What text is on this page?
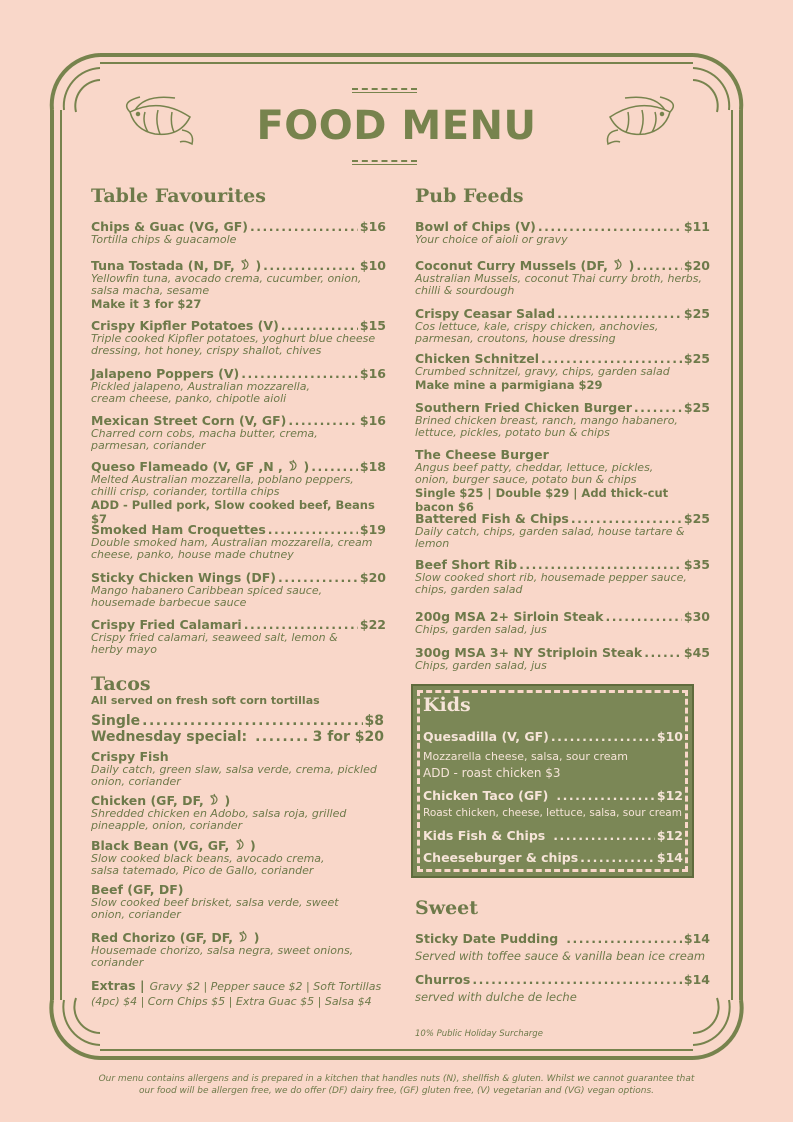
FOOD MENU
Table Favourites
Chips & Guac (VG, GF) .....	$16
Tortilla chips & guacamole
Tuna Tostada (N, DF, ) .....	$10
Yellowfin tuna, avocado crema, cucumber, onion,
salsa macha, sesame
Make it 3 for $27
Crispy Kipfler Potatoes (V) .....	$15
Triple cooked Kipfler potatoes, yoghurt blue cheese
dressing, hot honey, crispy shallot, chives
Jalapeno Poppers (V) .....	$16
Pickled jalapeno, Australian mozzarella,
cream cheese, panko, chipotle aioli
Mexican Street Corn (V, GF) .....	$16
Charred corn cobs, macha butter, crema,
parmesan, coriander
Queso Flameado (V, GF ,N , ) .....	$18
Melted Australian mozzarella, poblano peppers,
chilli crisp, coriander, tortilla chips
ADD - Pulled pork, Slow cooked beef, Beans $7
Smoked Ham Croquettes .....	$19
Double smoked ham, Australian mozzarella, cream
cheese, panko, house made chutney
Sticky Chicken Wings (DF) .....	$20
Mango habanero Caribbean spiced sauce,
housemade barbecue sauce
Crispy Fried Calamari .....	$22
Crispy fried calamari, seaweed salt, lemon &
herby mayo
Tacos
All served on fresh soft corn tortillas
Single .....	$8
Wednesday special: .....	3 for $20
Crispy Fish
Daily catch, green slaw, salsa verde, crema, pickled
onion, coriander
Chicken (GF, DF, )
Shredded chicken en Adobo, salsa roja, grilled
pineapple, onion, coriander
Black Bean (VG, GF, )
Slow cooked black beans, avocado crema,
salsa tatemado, Pico de Gallo, coriander
Beef (GF, DF)
Slow cooked beef brisket, salsa verde, sweet
onion, coriander
Red Chorizo (GF, DF, )
Housemade chorizo, salsa negra, sweet onions,
coriander
Extras | Gravy $2 | Pepper sauce $2 | Soft Tortillas
(4pc) $4 | Corn Chips $5 | Extra Guac $5 | Salsa $4
Pub Feeds
Bowl of Chips (V) .....	$11
Your choice of aioli or gravy
Coconut Curry Mussels (DF, ) .....	$20
Australian Mussels, coconut Thai curry broth, herbs,
chilli & sourdough
Crispy Ceasar Salad .....	$25
Cos lettuce, kale, crispy chicken, anchovies,
parmesan, croutons, house dressing
Chicken Schnitzel .....	$25
Crumbed schnitzel, gravy, chips, garden salad
Make mine a parmigiana $29
Southern Fried Chicken Burger .....	$25
Brined chicken breast, ranch, mango habanero,
lettuce, pickles, potato bun & chips
The Cheese Burger
Angus beef patty, cheddar, lettuce, pickles,
onion, burger sauce, potato bun & chips
Single $25 | Double $29 | Add thick-cut bacon $6
Battered Fish & Chips .....	$25
Daily catch, chips, garden salad, house tartare &
lemon
Beef Short Rib .....	$35
Slow cooked short rib, housemade pepper sauce,
chips, garden salad
200g MSA 2+ Sirloin Steak .....	$30
Chips, garden salad, jus
300g MSA 3+ NY Striploin Steak .....	$45
Chips, garden salad, jus
Kids
Quesadilla (V, GF) .....	$10
Mozzarella cheese, salsa, sour cream
ADD - roast chicken $3
Chicken Taco (GF) .....	$12
Roast chicken, cheese, lettuce, salsa, sour cream
Kids Fish & Chips .....	$12
Cheeseburger & chips .....	$14
Sweet
Sticky Date Pudding .....	$14
Served with toffee sauce & vanilla bean ice cream
Churros .....	$14
served with dulche de leche
10% Public Holiday Surcharge
Our menu contains allergens and is prepared in a kitchen that handles nuts (N), shellfish & gluten. Whilst we cannot guarantee that
our food will be allergen free, we do offer (DF) dairy free, (GF) gluten free, (V) vegetarian and (VG) vegan options.
